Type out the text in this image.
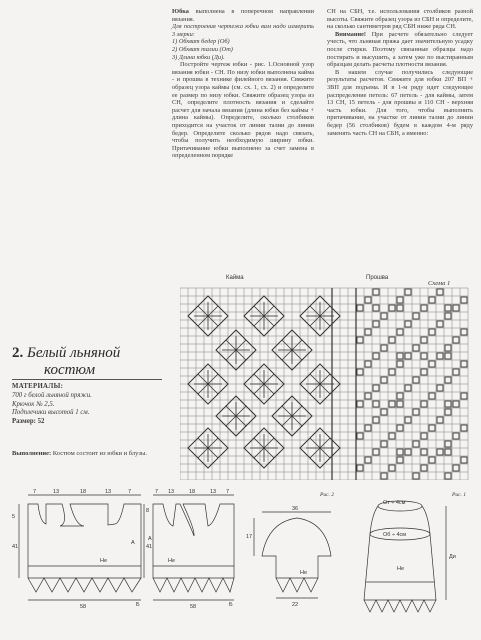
Юбка выполнена в поперечном направлении вязания.

Для построения чертежа юбки вам надо измерить 3 мерки:

1) Обхват бедер (Об)

2) Обхват талии (От)

3) Длина юбки (Ди).

Постройте чертеж юбки - рис. 1.Основной узор вязания юбки - СН. По низу юбки выполнена кайма - и прошва в технике филейного вязания. Свяжите образец узора каймы (см. сх. 1, сх. 2) и определите ее размер по низу юбки. Свяжите образец узора из СН, определите плотность вязания и сделайте расчет для начала вязания (длина юбки без каймы + длина каймы). Определите, сколько столбиков приходится на участок от линии талии до линии бедер. Определите сколько рядов надо связать, чтобы получить необходимую ширину юбки. Притачивание юбки выполнено за счет заменa в определенном порядке

СН на СБН, т.е. использования столбиков разной высоты. Свяжите образец узора из СБН и определите, на сколько сантиметров ряд СБН ниже ряда СН.

Внимание! При расчете обязательно следует учесть, что льняная пряжа дает значительную усадку после стирки. Поэтому связанные образцы надо постирать и высушить, а затем уже по выстиранным образцам делать расчеты плотности вязания.

В нашем случае получились следующие результаты расчетов. Свяжите для юбки 207 ВП + 3ВП для подъема. И в 1-м ряду идет следующее распределение петель: 67 петель - для каймы, затем 13 СН, 15 петель - для прошвы и 110 СН - верхняя часть юбки. Для того, чтобы выполнить притачивание, на участке от линии талии до линии бедер (56 столбиков) будем в каждом 4-м ряду заменять часть СН на СБН, а именно:

Схема 1
Кайма	Прошва
2. Белый льняной
костюм
МАТЕРИАЛЫ:
700 г белой льняной пряжи.
Крючок № 2,5.
Подплечики высотой 1 см.
Размер: 52
Выполнение: Костюм состоит из юбки и блузы.
7	13	18	13	7
58
5
41
А
Б
Не
7 13	18	13 7
58
8
41
А
Б
Не
36
22
17
Не
Рис. 2
От ÷ 4см
Об ÷ 4см
Ди
Не
Рис. 1
